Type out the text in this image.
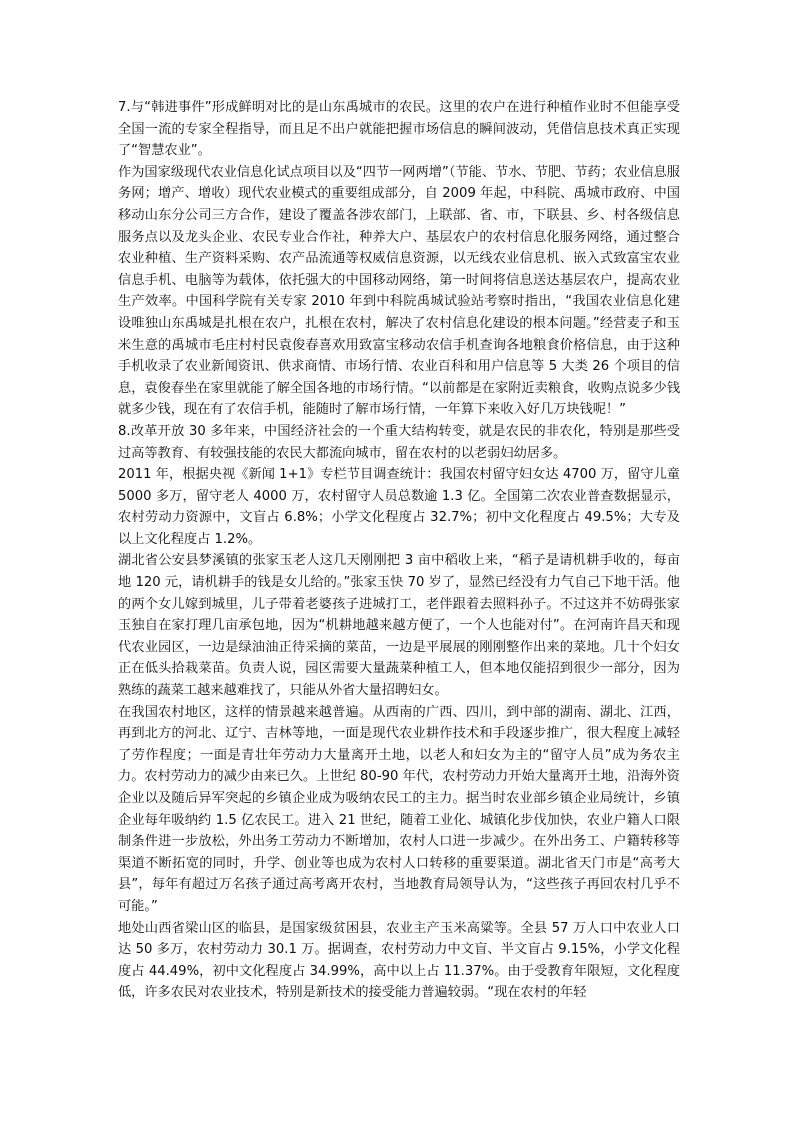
7.与“韩进事件”形成鲜明对比的是山东禹城市的农民。这里的农户在进行种植作业时不但能享受全国一流的专家全程指导，而且足不出户就能把握市场信息的瞬间波动，凭借信息技术真正实现了“智慧农业”。

作为国家级现代农业信息化试点项目以及“四节一网两增”（节能、节水、节肥、节药；农业信息服务网；增产、增收）现代农业模式的重要组成部分，自 2009 年起，中科院、禹城市政府、中国移动山东分公司三方合作，建设了覆盖各涉农部门，上联部、省、市，下联县、乡、村各级信息服务点以及龙头企业、农民专业合作社，种养大户、基层农户的农村信息化服务网络，通过整合农业种植、生产资料采购、农产品流通等权威信息资源，以无线农业信息机、嵌入式致富宝农业信息手机、电脑等为载体，依托强大的中国移动网络，第一时间将信息送达基层农户，提高农业生产效率。中国科学院有关专家 2010 年到中科院禹城试验站考察时指出，“我国农业信息化建设唯独山东禹城是扎根在农户，扎根在农村，解决了农村信息化建设的根本问题。”经营麦子和玉米生意的禹城市毛庄村村民袁俊春喜欢用致富宝移动农信手机查询各地粮食价格信息，由于这种手机收录了农业新闻资讯、供求商情、市场行情、农业百科和用户信息等 5 大类 26 个项目的信息，袁俊春坐在家里就能了解全国各地的市场行情。“以前都是在家附近卖粮食，收购点说多少钱就多少钱，现在有了农信手机，能随时了解市场行情，一年算下来收入好几万块钱呢！”

8.改革开放 30 多年来，中国经济社会的一个重大结构转变，就是农民的非农化，特别是那些受过高等教育、有较强技能的农民大都流向城市，留在农村的以老弱妇幼居多。

2011 年，根据央视《新闻 1+1》专栏节目调查统计：我国农村留守妇女达 4700 万，留守儿童 5000 多万，留守老人 4000 万，农村留守人员总数逾 1.3 亿。全国第二次农业普查数据显示，农村劳动力资源中，文盲占 6.8%；小学文化程度占 32.7%；初中文化程度占 49.5%；大专及以上文化程度占 1.2%。

湖北省公安县梦溪镇的张家玉老人这几天刚刚把 3 亩中稻收上来，“稻子是请机耕手收的，每亩地 120 元，请机耕手的钱是女儿给的。”张家玉快 70 岁了，显然已经没有力气自己下地干活。他的两个女儿嫁到城里，儿子带着老婆孩子进城打工，老伴跟着去照料孙子。不过这并不妨碍张家玉独自在家打理几亩承包地，因为“机耕地越来越方便了，一个人也能对付”。在河南许昌天和现代农业园区，一边是绿油油正待采摘的菜苗，一边是平展展的刚刚整作出来的菜地。几十个妇女正在低头拾栽菜苗。负责人说，园区需要大量蔬菜种植工人，但本地仅能招到很少一部分，因为熟练的蔬菜工越来越难找了，只能从外省大量招聘妇女。

在我国农村地区，这样的情景越来越普遍。从西南的广西、四川，到中部的湖南、湖北、江西，再到北方的河北、辽宁、吉林等地，一面是现代农业耕作技术和手段逐步推广，很大程度上减轻了劳作程度；一面是青壮年劳动力大量离开土地，以老人和妇女为主的“留守人员”成为务农主力。农村劳动力的减少由来已久。上世纪 80-90 年代，农村劳动力开始大量离开土地，沿海外资企业以及随后异军突起的乡镇企业成为吸纳农民工的主力。据当时农业部乡镇企业局统计，乡镇企业每年吸纳约 1.5 亿农民工。进入 21 世纪，随着工业化、城镇化步伐加快，农业户籍人口限制条件进一步放松，外出务工劳动力不断增加，农村人口进一步减少。在外出务工、户籍转移等渠道不断拓宽的同时，升学、创业等也成为农村人口转移的重要渠道。湖北省天门市是“高考大县”，每年有超过万名孩子通过高考离开农村，当地教育局领导认为，“这些孩子再回农村几乎不可能。”

地处山西省梁山区的临县，是国家级贫困县，农业主产玉米高粱等。全县 57 万人口中农业人口达 50 多万，农村劳动力 30.1 万。据调查，农村劳动力中文盲、半文盲占 9.15%，小学文化程度占 44.49%，初中文化程度占 34.99%，高中以上占 11.37%。由于受教育年限短，文化程度低，许多农民对农业技术，特别是新技术的接受能力普遍较弱。“现在农村的年轻
